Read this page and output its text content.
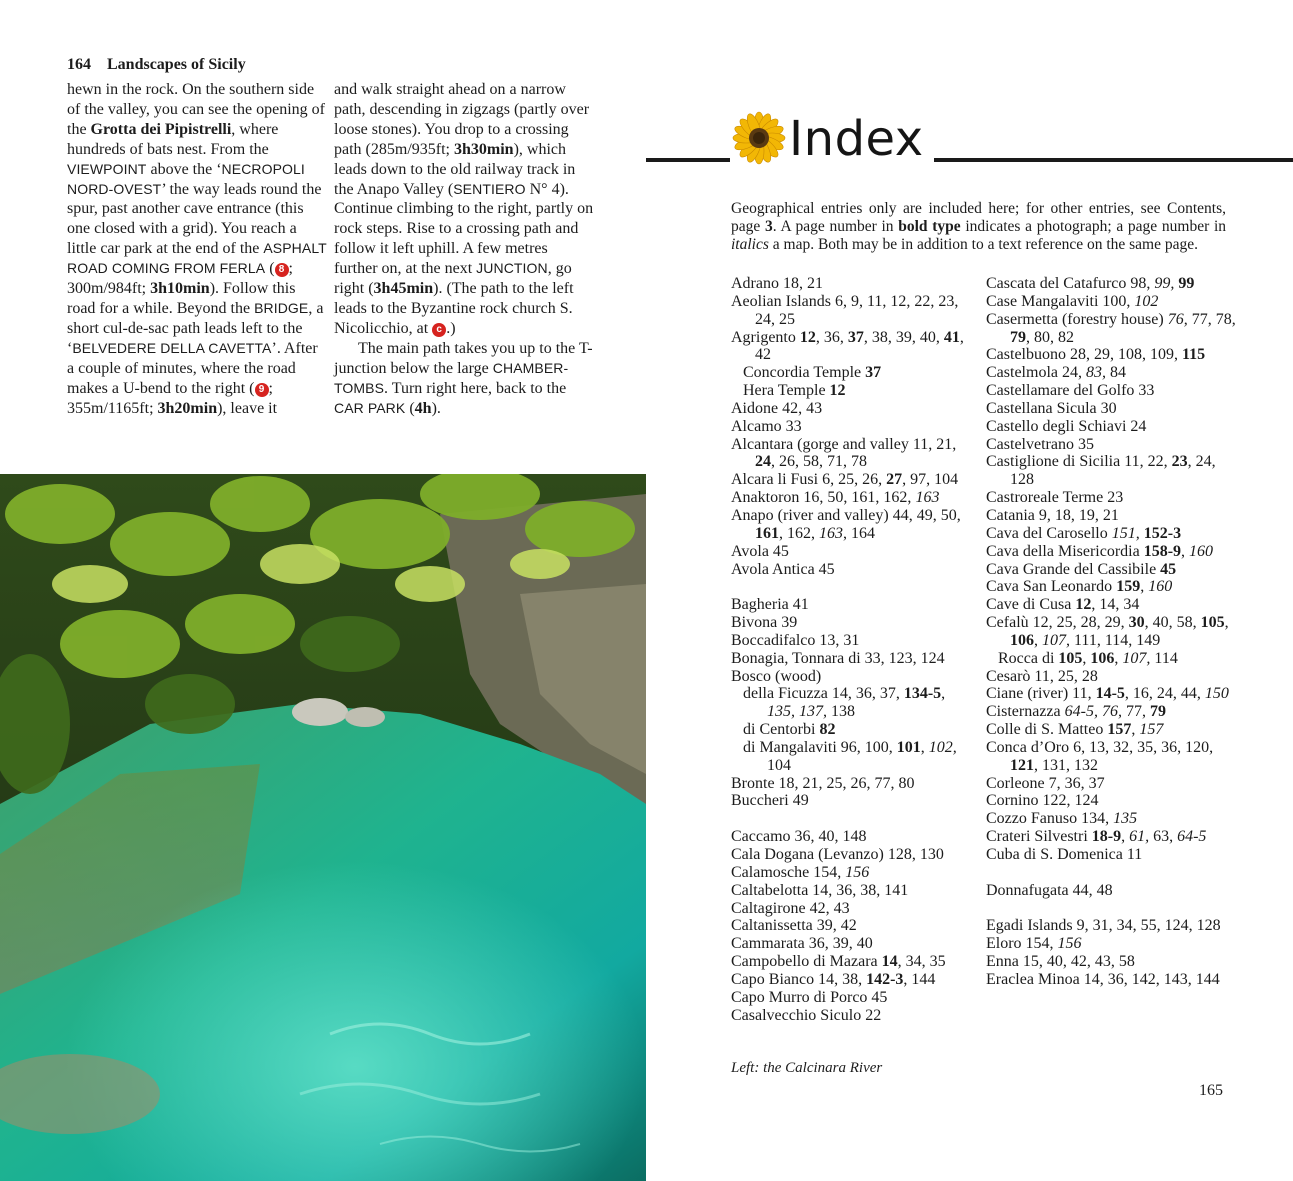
164 Landscapes of Sicily

hewn in the rock. On the southern side of the valley, you can see the opening of the Grotta dei Pipistrelli, where hundreds of bats nest. From the VIEWPOINT above the ‘NECROPOLI NORD-OVEST’ the way leads round the spur, past another cave entrance (this one closed with a grid). You reach a little car park at the end of the ASPHALT ROAD COMING FROM FERLA ( 8 ; 300m/984ft; 3h10min). Follow this road for a while. Beyond the BRIDGE, a short cul-de-sac path leads left to the ‘BELVEDERE DELLA CAVETTA’. After a couple of minutes, where the road makes a U-bend to the right ( 9 ; 355m/1165ft; 3h20min), leave it

and walk straight ahead on a narrow path, descending in zigzags (partly over loose stones). You drop to a crossing path (285m/935ft; 3h30min), which leads down to the old railway track in the Anapo Valley (SENTIERO N° 4). Continue climbing to the right, partly on rock steps. Rise to a crossing path and follow it left uphill. A few metres further on, at the next JUNCTION, go right (3h45min). (The path to the left leads to the Byzantine rock church S. Nicolicchio, at c .)

The main path takes you up to the T-junction below the large CHAMBER-TOMBS. Turn right here, back to the CAR PARK (4h).

Index

Geographical entries only are included here; for other entries, see Contents, page 3. A page number in bold type indicates a photograph; a page number in italics a map. Both may be in addition to a text reference on the same page.

Adrano 18, 21
Aeolian Islands 6, 9, 11, 12, 22, 23, 24, 25
Agrigento 12, 36, 37, 38, 39, 40, 41, 42
Concordia Temple 37
Hera Temple 12
Aidone 42, 43
Alcamo 33
Alcantara (gorge and valley 11, 21, 24, 26, 58, 71, 78
Alcara li Fusi 6, 25, 26, 27, 97, 104
Anaktoron 16, 50, 161, 162, 163
Anapo (river and valley) 44, 49, 50, 161, 162, 163, 164
Avola 45
Avola Antica 45
Bagheria 41
Bivona 39
Boccadifalco 13, 31
Bonagia, Tonnara di 33, 123, 124
Bosco (wood)
della Ficuzza 14, 36, 37, 134-5, 135, 137, 138
di Centorbi 82
di Mangalaviti 96, 100, 101, 102, 104
Bronte 18, 21, 25, 26, 77, 80
Buccheri 49
Caccamo 36, 40, 148
Cala Dogana (Levanzo) 128, 130
Calamosche 154, 156
Caltabelotta 14, 36, 38, 141
Caltagirone 42, 43
Caltanissetta 39, 42
Cammarata 36, 39, 40
Campobello di Mazara 14, 34, 35
Capo Bianco 14, 38, 142-3, 144
Capo Murro di Porco 45
Casalvecchio Siculo 22
Cascata del Catafurco 98, 99, 99
Case Mangalaviti 100, 102
Casermetta (forestry house) 76, 77, 78, 79, 80, 82
Castelbuono 28, 29, 108, 109, 115
Castelmola 24, 83, 84
Castellamare del Golfo 33
Castellana Sicula 30
Castello degli Schiavi 24
Castelvetrano 35
Castiglione di Sicilia 11, 22, 23, 24, 128
Castroreale Terme 23
Catania 9, 18, 19, 21
Cava del Carosello 151, 152-3
Cava della Misericordia 158-9, 160
Cava Grande del Cassibile 45
Cava San Leonardo 159, 160
Cave di Cusa 12, 14, 34
Cefalù 12, 25, 28, 29, 30, 40, 58, 105, 106, 107, 111, 114, 149
Rocca di 105, 106, 107, 114
Cesarò 11, 25, 28
Ciane (river) 11, 14-5, 16, 24, 44, 150
Cisternazza 64-5, 76, 77, 79
Colle di S. Matteo 157, 157
Conca d’Oro 6, 13, 32, 35, 36, 120, 121, 131, 132
Corleone 7, 36, 37
Cornino 122, 124
Cozzo Fanuso 134, 135
Crateri Silvestri 18-9, 61, 63, 64-5
Cuba di S. Domenica 11
Donnafugata 44, 48
Egadi Islands 9, 31, 34, 55, 124, 128
Eloro 154, 156
Enna 15, 40, 42, 43, 58
Eraclea Minoa 14, 36, 142, 143, 144
Left: the Calcinara River
165
